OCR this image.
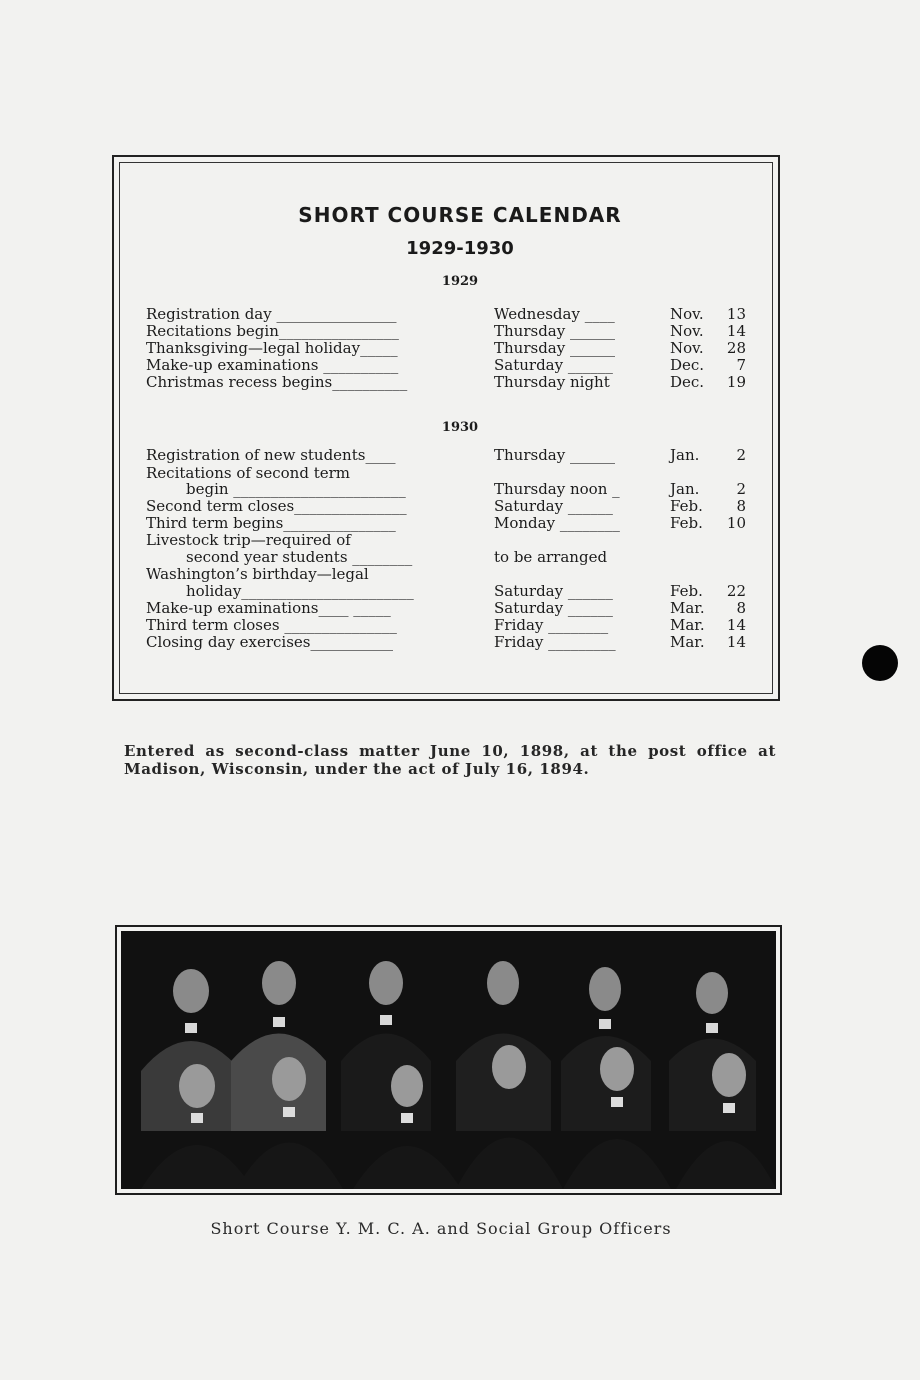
SHORT COURSE CALENDAR
1929-1930
1929
Registration day ________________	Wednesday ____	Nov.	13
Recitations begin________________	Thursday ______	Nov.	14
Thanksgiving—legal holiday_____	Thursday ______	Nov.	28
Make-up examinations __________	Saturday ______	Dec.	7
Christmas recess begins__________	Thursday night	Dec.	19
1930
Registration of new students____	Thursday ______	Jan.	2
Recitations of second term
begin _______________________	Thursday noon _	Jan.	2
Second term closes_______________	Saturday ______	Feb.	8
Third term begins_______________	Monday ________	Feb.	10
Livestock trip—required of
second year students ________	to be arranged
Washington’s birthday—legal
holiday_______________________	Saturday ______	Feb.	22
Make-up examinations____ _____	Saturday ______	Mar.	8
Third term closes _______________	Friday ________	Mar.	14
Closing day exercises___________	Friday _________	Mar.	14
Entered as second-class matter June 10, 1898, at the post office at Madison, Wisconsin, under the act of July 16, 1894.
Short Course Y. M. C. A. and Social Group Officers
